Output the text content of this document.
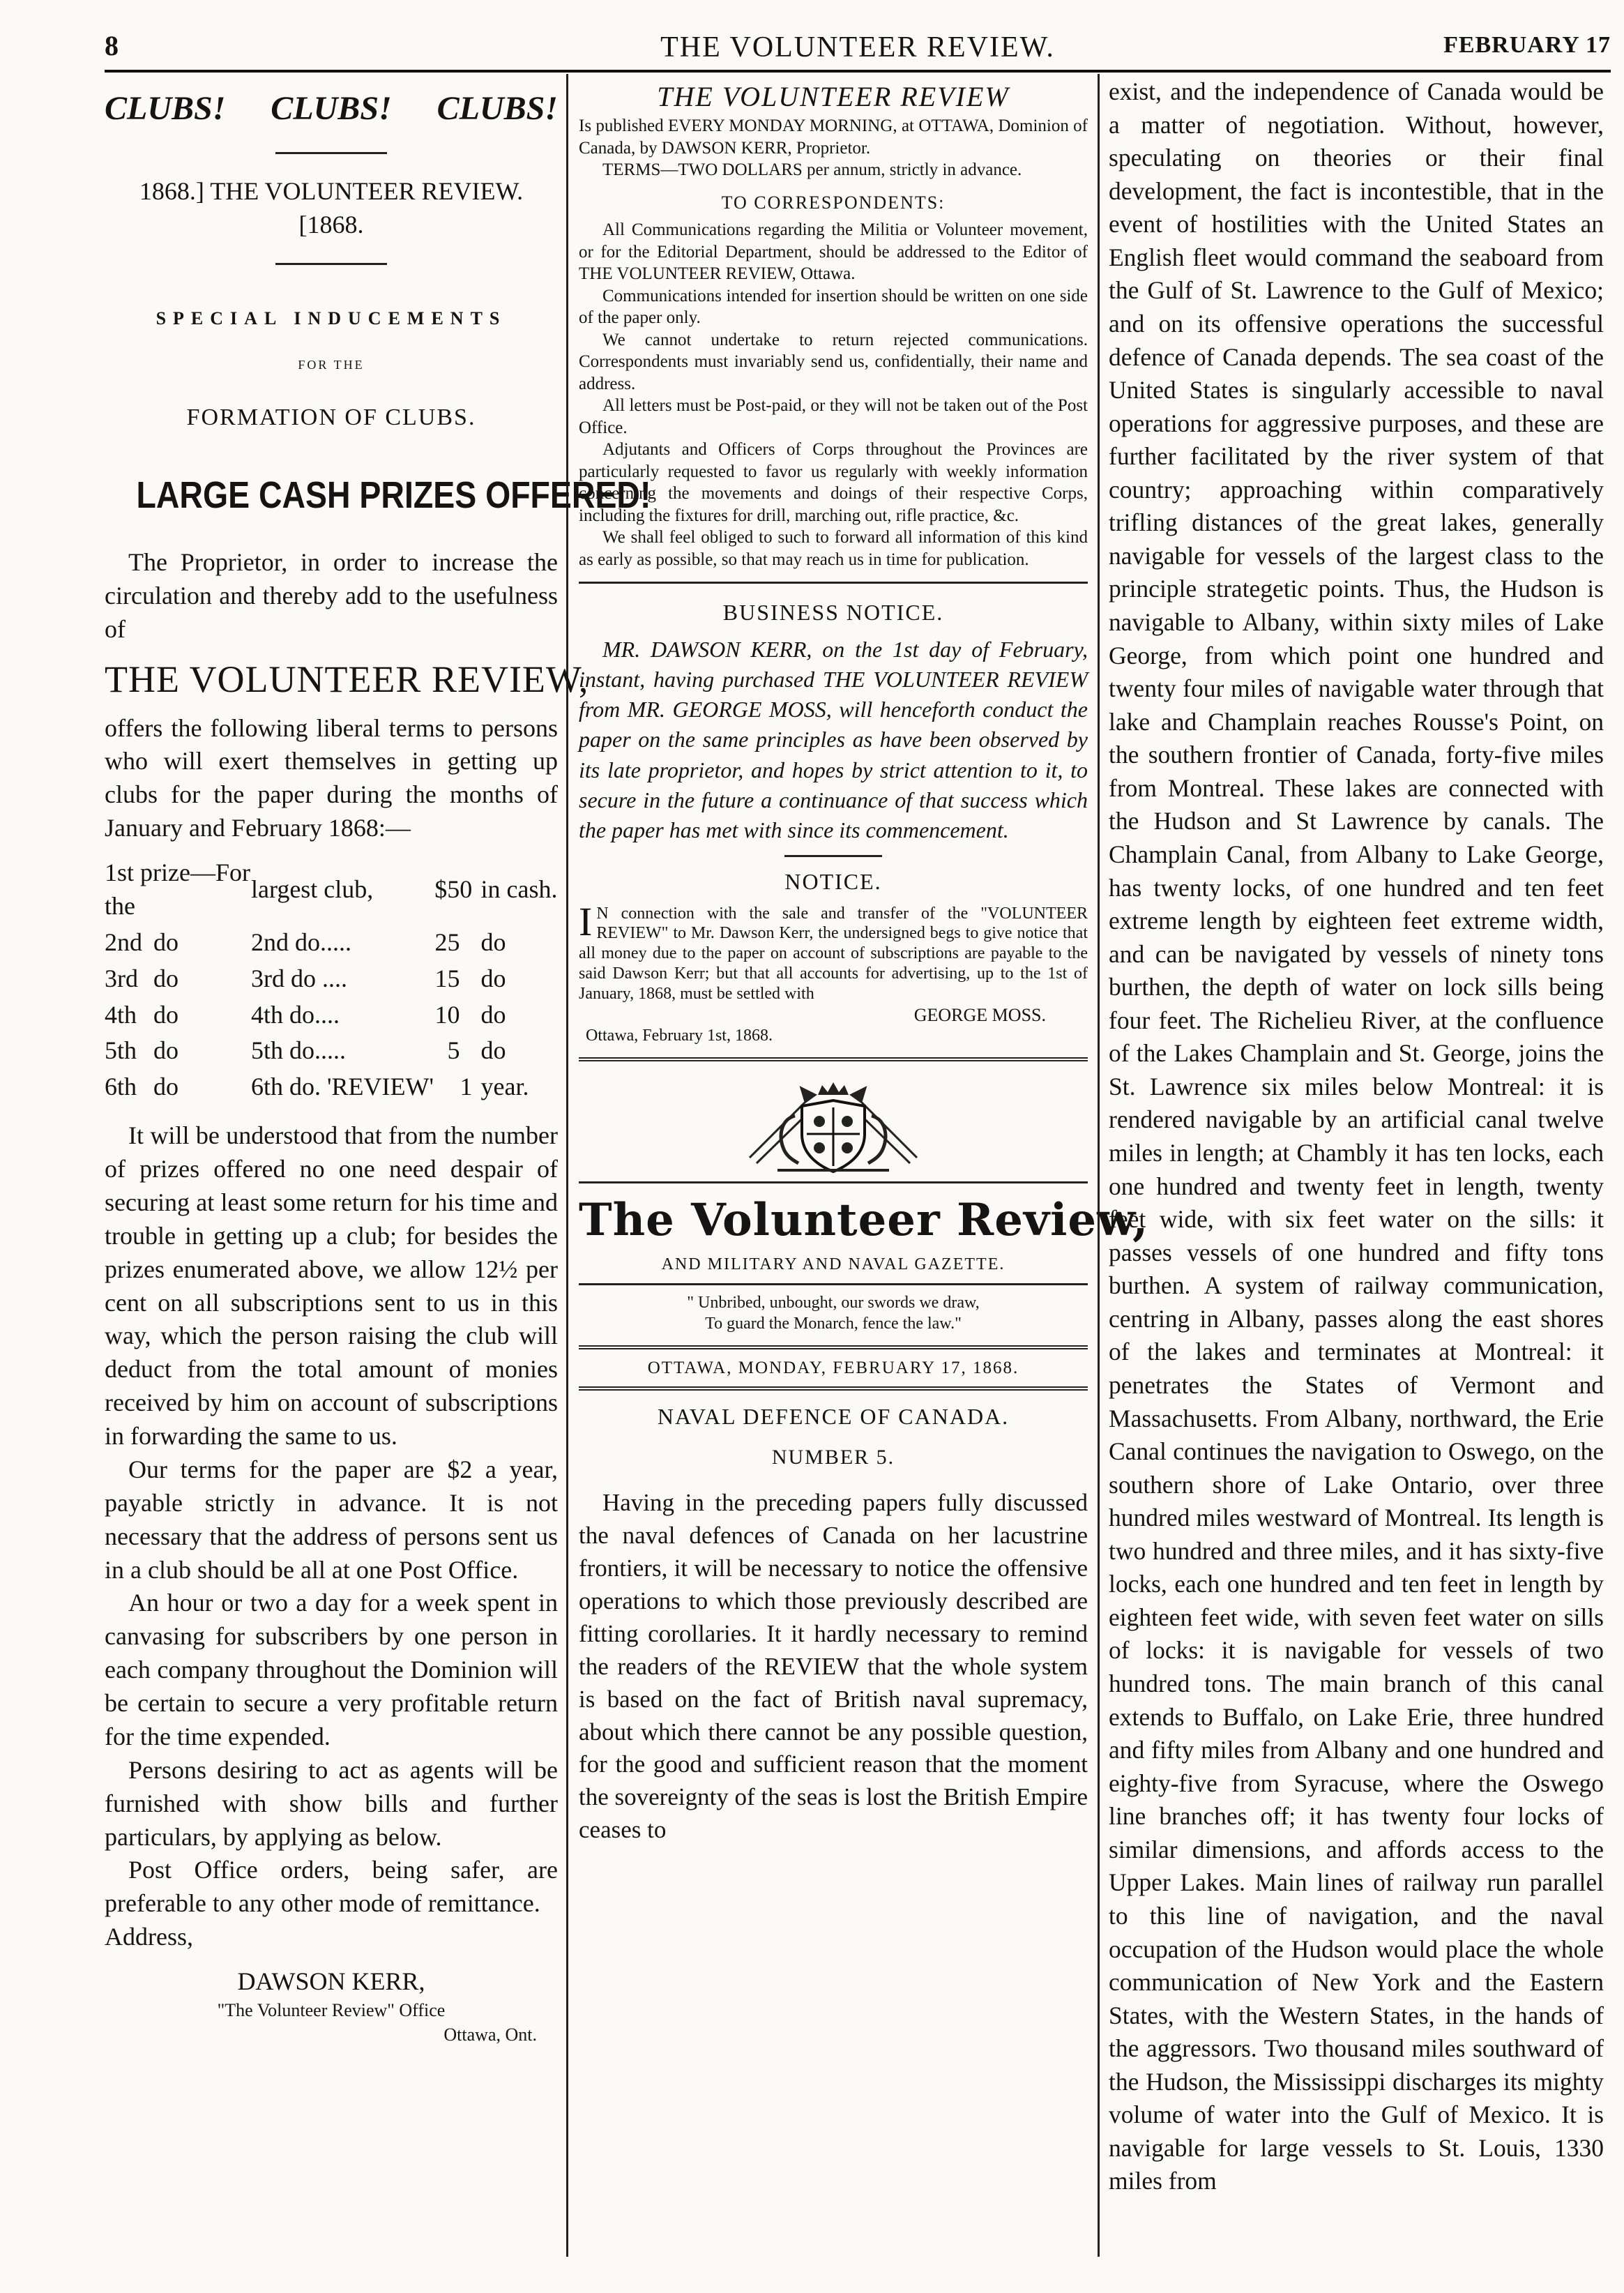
8	THE VOLUNTEER REVIEW.	FEBRUARY 17
CLUBS! CLUBS! CLUBS!
1868.] THE VOLUNTEER REVIEW. [1868.
SPECIAL INDUCEMENTS
FOR THE
FORMATION OF CLUBS.
LARGE CASH PRIZES OFFERED!

The Proprietor, in order to increase the circulation and thereby add to the usefulness of

THE VOLUNTEER REVIEW,

offers the following liberal terms to persons who will exert themselves in getting up clubs for the paper during the months of January and February 1868:—

1st prize—For the		largest club,	$50	in cash.
2nd	do	2nd do.....	25	do
3rd	do	3rd do ....	15	do
4th	do	4th do....	10	do
5th	do	5th do.....	5	do
6th	do	6th do. 'REVIEW'	1	year.

It will be understood that from the number of prizes offered no one need despair of securing at least some return for his time and trouble in getting up a club; for besides the prizes enumerated above, we allow 12½ per cent on all subscriptions sent to us in this way, which the person raising the club will deduct from the total amount of monies received by him on account of subscriptions in forwarding the same to us.

Our terms for the paper are $2 a year, payable strictly in advance. It is not necessary that the address of persons sent us in a club should be all at one Post Office.

An hour or two a day for a week spent in canvasing for subscribers by one person in each company throughout the Dominion will be certain to secure a very profitable return for the time expended.

Persons desiring to act as agents will be furnished with show bills and further particulars, by applying as below.

Post Office orders, being safer, are preferable to any other mode of remittance.

Address,

DAWSON KERR,
"The Volunteer Review" Office
Ottawa, Ont.
THE VOLUNTEER REVIEW

Is published EVERY MONDAY MORNING, at OTTAWA, Dominion of Canada, by DAWSON KERR, Proprietor.

TERMS—TWO DOLLARS per annum, strictly in advance.

TO CORRESPONDENTS:

All Communications regarding the Militia or Volunteer movement, or for the Editorial Department, should be addressed to the Editor of THE VOLUNTEER REVIEW, Ottawa.

Communications intended for insertion should be written on one side of the paper only.

We cannot undertake to return rejected communications. Correspondents must invariably send us, confidentially, their name and address.

All letters must be Post-paid, or they will not be taken out of the Post Office.

Adjutants and Officers of Corps throughout the Provinces are particularly requested to favor us regularly with weekly information concerning the movements and doings of their respective Corps, including the fixtures for drill, marching out, rifle practice, &c.

We shall feel obliged to such to forward all information of this kind as early as possible, so that may reach us in time for publication.

BUSINESS NOTICE.

MR. DAWSON KERR, on the 1st day of February, instant, having purchased THE VOLUNTEER REVIEW from MR. GEORGE MOSS, will henceforth conduct the paper on the same principles as have been observed by its late proprietor, and hopes by strict attention to it, to secure in the future a continuance of that success which the paper has met with since its commencement.

NOTICE.
I N connection with the sale and transfer of the "VOLUNTEER REVIEW" to Mr. Dawson Kerr, the undersigned begs to give notice that all money due to the paper on account of subscriptions are payable to the said Dawson Kerr; but that all accounts for advertising, up to the 1st of January, 1868, must be settled with
GEORGE MOSS.
Ottawa, February 1st, 1868.
The Volunteer Review,
AND MILITARY AND NAVAL GAZETTE.
" Unbribed, unbought, our swords we draw,
To guard the Monarch, fence the law."
OTTAWA, MONDAY, FEBRUARY 17, 1868.
NAVAL DEFENCE OF CANADA.
NUMBER 5.

Having in the preceding papers fully discussed the naval defences of Canada on her lacustrine frontiers, it will be necessary to notice the offensive operations to which those previously described are fitting corollaries. It it hardly necessary to remind the readers of the REVIEW that the whole system is based on the fact of British naval supremacy, about which there cannot be any possible question, for the good and sufficient reason that the moment the sovereignty of the seas is lost the British Empire ceases to

exist, and the independence of Canada would be a matter of negotiation. Without, however, speculating on theories or their final development, the fact is incontestible, that in the event of hostilities with the United States an English fleet would command the seaboard from the Gulf of St. Lawrence to the Gulf of Mexico; and on its offensive operations the successful defence of Canada depends. The sea coast of the United States is singularly accessible to naval operations for aggressive purposes, and these are further facilitated by the river system of that country; approaching within comparatively trifling distances of the great lakes, generally navigable for vessels of the largest class to the principle strategetic points. Thus, the Hudson is navigable to Albany, within sixty miles of Lake George, from which point one hundred and twenty four miles of navigable water through that lake and Champlain reaches Rousse's Point, on the southern frontier of Canada, forty-five miles from Montreal. These lakes are connected with the Hudson and St Lawrence by canals. The Champlain Canal, from Albany to Lake George, has twenty locks, of one hundred and ten feet extreme length by eighteen feet extreme width, and can be navigated by vessels of ninety tons burthen, the depth of water on lock sills being four feet. The Richelieu River, at the confluence of the Lakes Champlain and St. George, joins the St. Lawrence six miles below Montreal: it is rendered navigable by an artificial canal twelve miles in length; at Chambly it has ten locks, each one hundred and twenty feet in length, twenty feet wide, with six feet water on the sills: it passes vessels of one hundred and fifty tons burthen. A system of railway communication, centring in Albany, passes along the east shores of the lakes and terminates at Montreal: it penetrates the States of Vermont and Massachusetts. From Albany, northward, the Erie Canal continues the navigation to Oswego, on the southern shore of Lake Ontario, over three hundred miles westward of Montreal. Its length is two hundred and three miles, and it has sixty-five locks, each one hundred and ten feet in length by eighteen feet wide, with seven feet water on sills of locks: it is navigable for vessels of two hundred tons. The main branch of this canal extends to Buffalo, on Lake Erie, three hundred and fifty miles from Albany and one hundred and eighty-five from Syracuse, where the Oswego line branches off; it has twenty four locks of similar dimensions, and affords access to the Upper Lakes. Main lines of railway run parallel to this line of navigation, and the naval occupation of the Hudson would place the whole communication of New York and the Eastern States, with the Western States, in the hands of the aggressors. Two thousand miles southward of the Hudson, the Mississippi discharges its mighty volume of water into the Gulf of Mexico. It is navigable for large vessels to St. Louis, 1330 miles from
